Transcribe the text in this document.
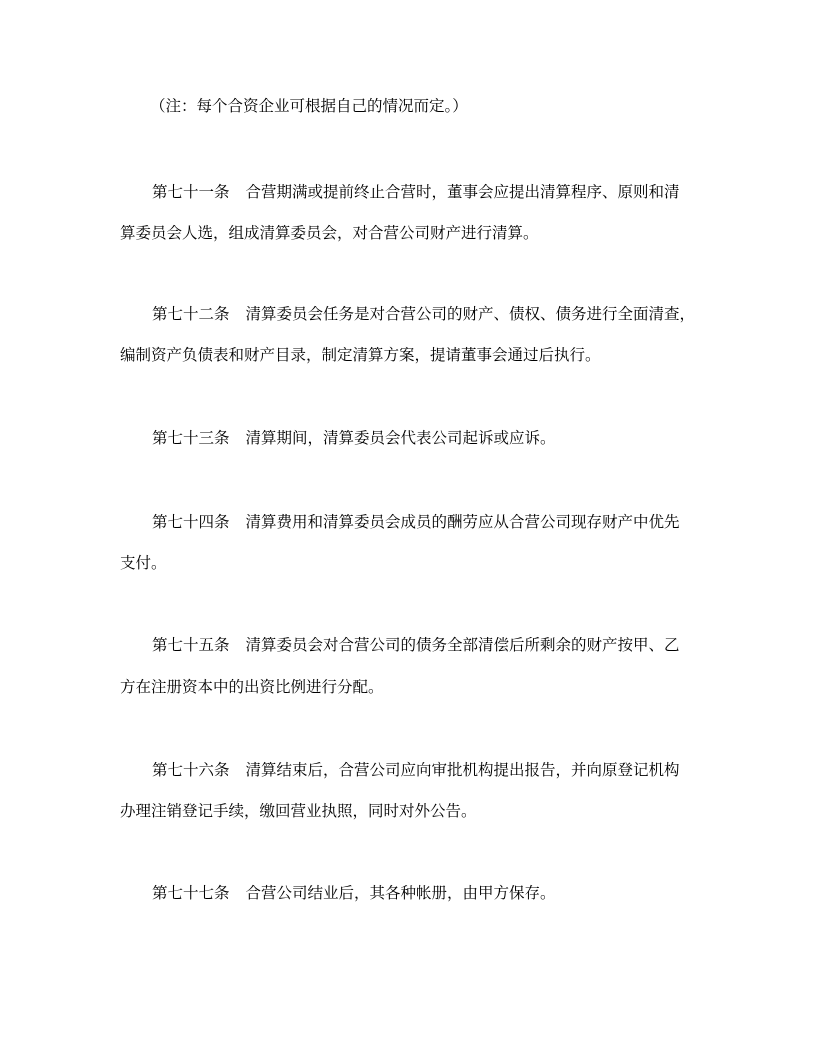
（注：每个合资企业可根据自己的情况而定。）
第七十一条 合营期满或提前终止合营时，董事会应提出清算程序、原则和清
算委员会人选，组成清算委员会，对合营公司财产进行清算。
第七十二条 清算委员会任务是对合营公司的财产、债权、债务进行全面清查，
编制资产负债表和财产目录，制定清算方案，提请董事会通过后执行。
第七十三条 清算期间，清算委员会代表公司起诉或应诉。
第七十四条 清算费用和清算委员会成员的酬劳应从合营公司现存财产中优先
支付。
第七十五条 清算委员会对合营公司的债务全部清偿后所剩余的财产按甲、乙
方在注册资本中的出资比例进行分配。
第七十六条 清算结束后，合营公司应向审批机构提出报告，并向原登记机构
办理注销登记手续，缴回营业执照，同时对外公告。
第七十七条 合营公司结业后，其各种帐册，由甲方保存。
